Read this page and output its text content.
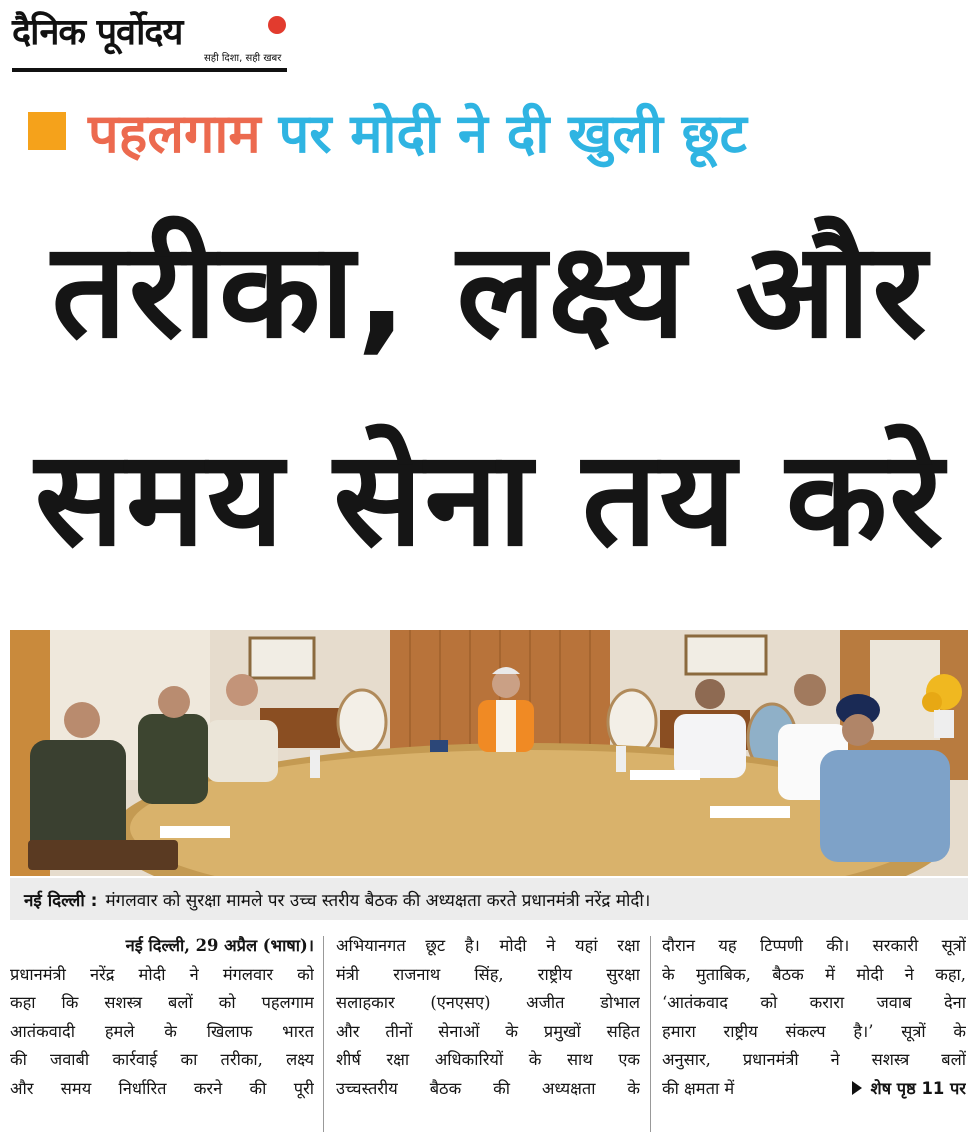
दैनिक पूर्वोदय
सही दिशा, सही खबर
पहलगाम पर मोदी ने दी खुली छूट
तरीका, लक्ष्य और
समय सेना तय करे
नई दिल्ली : मंगलवार को सुरक्षा मामले पर उच्च स्तरीय बैठक की अध्यक्षता करते प्रधानमंत्री नरेंद्र मोदी।
नई दिल्ली, 29 अप्रैल (भाषा)।
प्रधानमंत्री नरेंद्र मोदी ने मंगलवार को
कहा कि सशस्त्र बलों को पहलगाम
आतंकवादी हमले के खिलाफ भारत
की जवाबी कार्रवाई का तरीका, लक्ष्य
और समय निर्धारित करने की पूरी
अभियानगत छूट है। मोदी ने यहां रक्षा
मंत्री राजनाथ सिंह, राष्ट्रीय सुरक्षा
सलाहकार (एनएसए) अजीत डोभाल
और तीनों सेनाओं के प्रमुखों सहित
शीर्ष रक्षा अधिकारियों के साथ एक
उच्चस्तरीय बैठक की अध्यक्षता के
दौरान यह टिप्पणी की। सरकारी सूत्रों
के मुताबिक, बैठक में मोदी ने कहा,
‘आतंकवाद को करारा जवाब देना
हमारा राष्ट्रीय संकल्प है।’ सूत्रों के
अनुसार, प्रधानमंत्री ने सशस्त्र बलों
की क्षमता में	शेष पृष्ठ 11 पर
